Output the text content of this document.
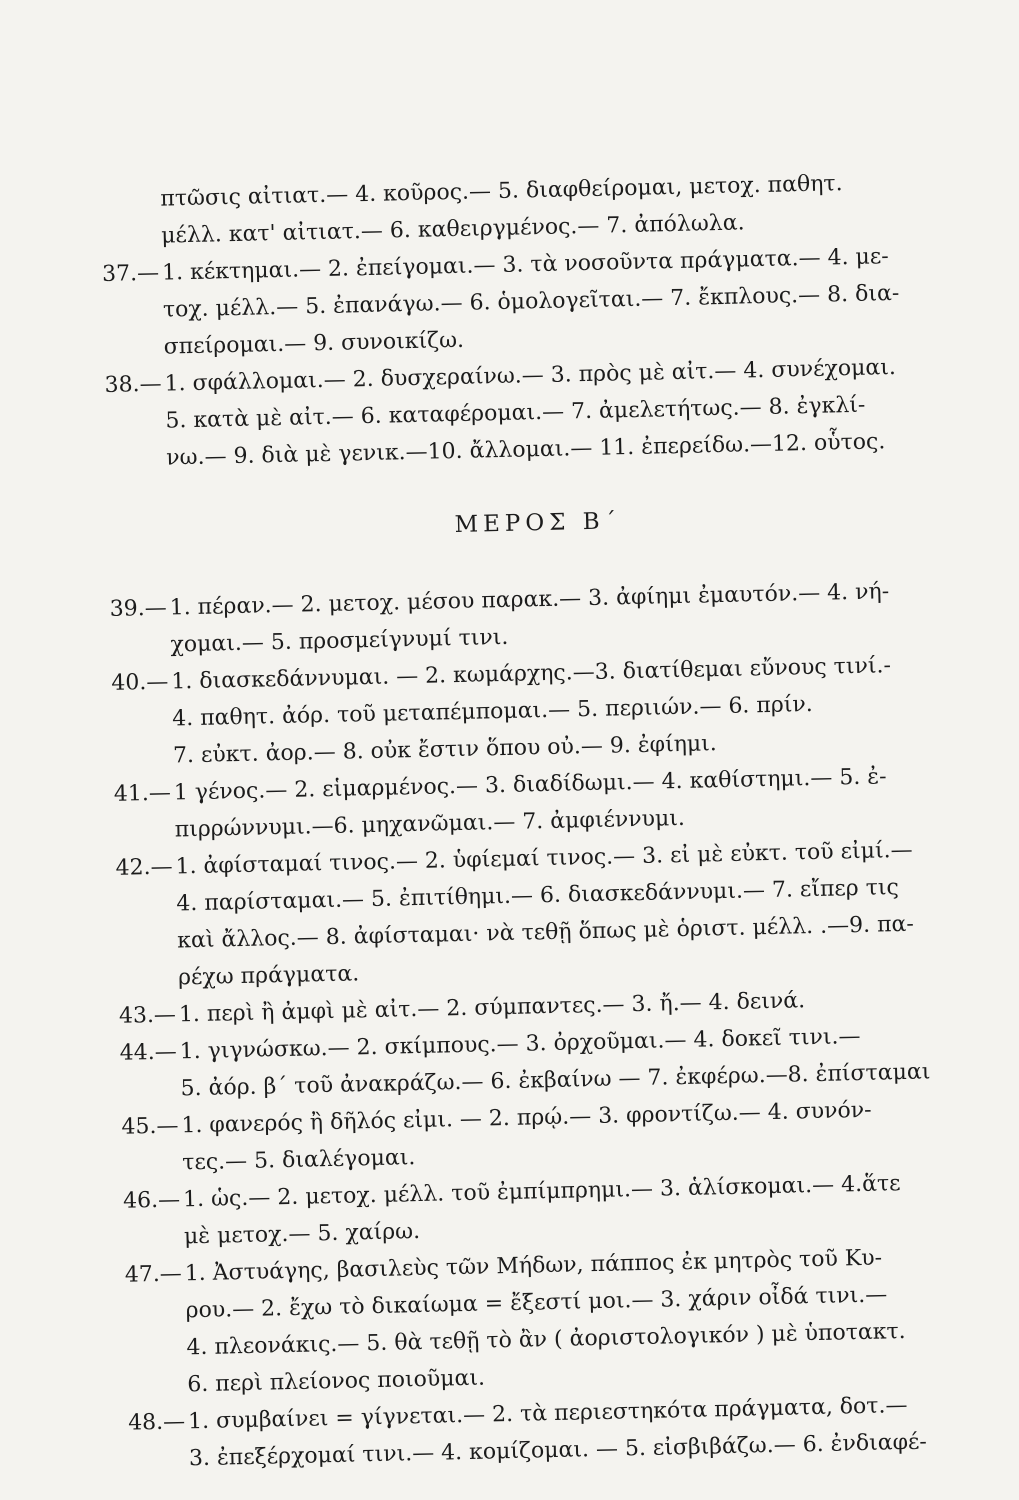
πτῶσις αἰτιατ.— 4. κοῦρος.— 5. διαφθείρομαι, μετοχ. παθητ.
μέλλ. κατ' αἰτιατ.— 6. καθειργμένος.— 7. ἀπόλωλα.
37.— 1. κέκτημαι.— 2. ἐπείγομαι.— 3. τὰ νοσοῦντα πράγματα.— 4. με-
τοχ. μέλλ.— 5. ἐπανάγω.— 6. ὁμολογεῖται.— 7. ἔκπλους.— 8. δια-
σπείρομαι.— 9. συνοικίζω.
38.— 1. σφάλλομαι.— 2. δυσχεραίνω.— 3. πρὸς μὲ αἰτ.— 4. συνέχομαι.
5. κατὰ μὲ αἰτ.— 6. καταφέρομαι.— 7. ἀμελετήτως.— 8. ἐγκλί-
νω.— 9. διὰ μὲ γενικ.—10. ἄλλομαι.— 11. ἐπερείδω.—12. οὗτος.
ΜΕΡΟΣ Β΄
39.— 1. πέραν.— 2. μετοχ. μέσου παρακ.— 3. ἀφίημι ἐμαυτόν.— 4. νή-
χομαι.— 5. προσμείγνυμί τινι.
40.— 1. διασκεδάννυμαι. — 2. κωμάρχης.—3. διατίθεμαι εὔνους τινί.-
4. παθητ. ἀόρ. τοῦ μεταπέμπομαι.— 5. περιιών.— 6. πρίν.
7. εὐκτ. ἀορ.— 8. οὐκ ἔστιν ὅπου οὐ.— 9. ἐφίημι.
41.— 1 γένος.— 2. εἱμαρμένος.— 3. διαδίδωμι.— 4. καθίστημι.— 5. ἐ-
πιρρώννυμι.—6. μηχανῶμαι.— 7. ἀμφιέννυμι.
42.— 1. ἀφίσταμαί τινος.— 2. ὑφίεμαί τινος.— 3. εἰ μὲ εὐκτ. τοῦ εἰμί.—
4. παρίσταμαι.— 5. ἐπιτίθημι.— 6. διασκεδάννυμι.— 7. εἴπερ τις
καὶ ἄλλος.— 8. ἀφίσταμαι· νὰ τεθῇ ὅπως μὲ ὁριστ. μέλλ. .—9. πα-
ρέχω πράγματα.
43.— 1. περὶ ἢ ἀμφὶ μὲ αἰτ.— 2. σύμπαντες.— 3. ἤ.— 4. δεινά.
44.— 1. γιγνώσκω.— 2. σκίμπους.— 3. ὀρχοῦμαι.— 4. δοκεῖ τινι.—
5. ἀόρ. β΄ τοῦ ἀνακράζω.— 6. ἐκβαίνω — 7. ἐκφέρω.—8. ἐπίσταμαι
45.— 1. φανερός ἢ δῆλός εἰμι. — 2. πρῴ.— 3. φροντίζω.— 4. συνόν-
τες.— 5. διαλέγομαι.
46.— 1. ὡς.— 2. μετοχ. μέλλ. τοῦ ἐμπίμπρημι.— 3. ἁλίσκομαι.— 4.ἅτε
μὲ μετοχ.— 5. χαίρω.
47.— 1. Ἀστυάγης, βασιλεὺς τῶν Μήδων, πάππος ἐκ μητρὸς τοῦ Κυ-
ρου.— 2. ἔχω τὸ δικαίωμα = ἔξεστί μοι.— 3. χάριν οἶδά τινι.—
4. πλεονάκις.— 5. θὰ τεθῇ τὸ ἂν ( ἀοριστολογικόν ) μὲ ὑποτακτ.
6. περὶ πλείονος ποιοῦμαι.
48.— 1. συμβαίνει = γίγνεται.— 2. τὰ περιεστηκότα πράγματα, δοτ.—
3. ἐπεξέρχομαί τινι.— 4. κομίζομαι. — 5. εἰσβιβάζω.— 6. ἐνδιαφέ-
